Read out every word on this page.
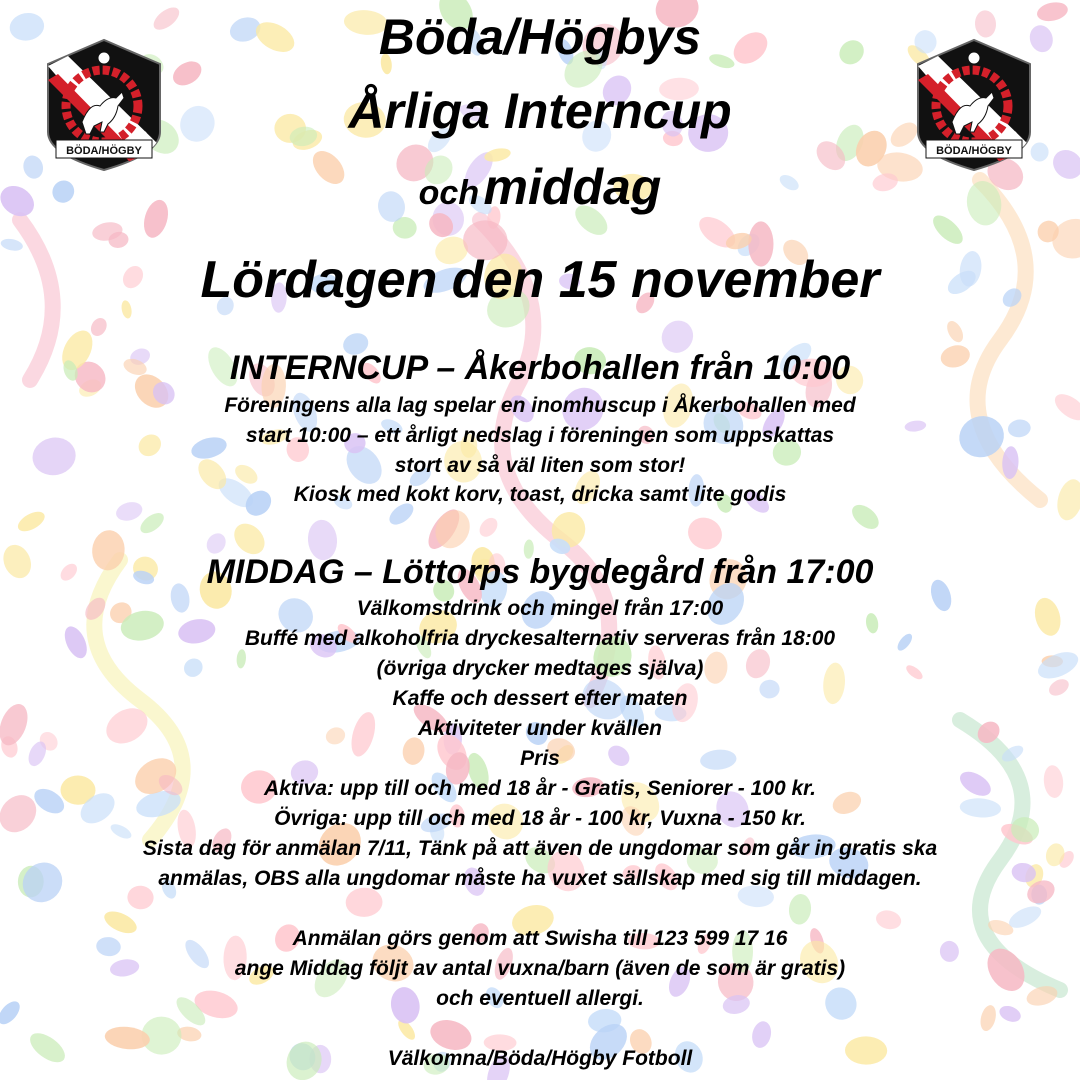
BÖDA/HÖGBY
2003
BÖDA/HÖGBY
2003

Böda/Högbys

Årliga Interncup

och middag

Lördagen den 15 november

INTERNCUP – Åkerbohallen från 10:00

Föreningens alla lag spelar en inomhuscup i Åkerbohallen med

start 10:00 – ett årligt nedslag i föreningen som uppskattas

stort av så väl liten som stor!

Kiosk med kokt korv, toast, dricka samt lite godis

MIDDAG – Löttorps bygdegård från 17:00

Välkomstdrink och mingel från 17:00

Buffé med alkoholfria dryckesalternativ serveras från 18:00

(övriga drycker medtages själva)

Kaffe och dessert efter maten

Aktiviteter under kvällen

Pris

Aktiva: upp till och med 18 år - Gratis, Seniorer - 100 kr.

Övriga: upp till och med 18 år - 100 kr, Vuxna - 150 kr.

Sista dag för anmälan 7/11, Tänk på att även de ungdomar som går in gratis ska

anmälas, OBS alla ungdomar måste ha vuxet sällskap med sig till middagen.

Anmälan görs genom att Swisha till 123 599 17 16

ange Middag följt av antal vuxna/barn (även de som är gratis)

och eventuell allergi.

Välkomna/Böda/Högby Fotboll
